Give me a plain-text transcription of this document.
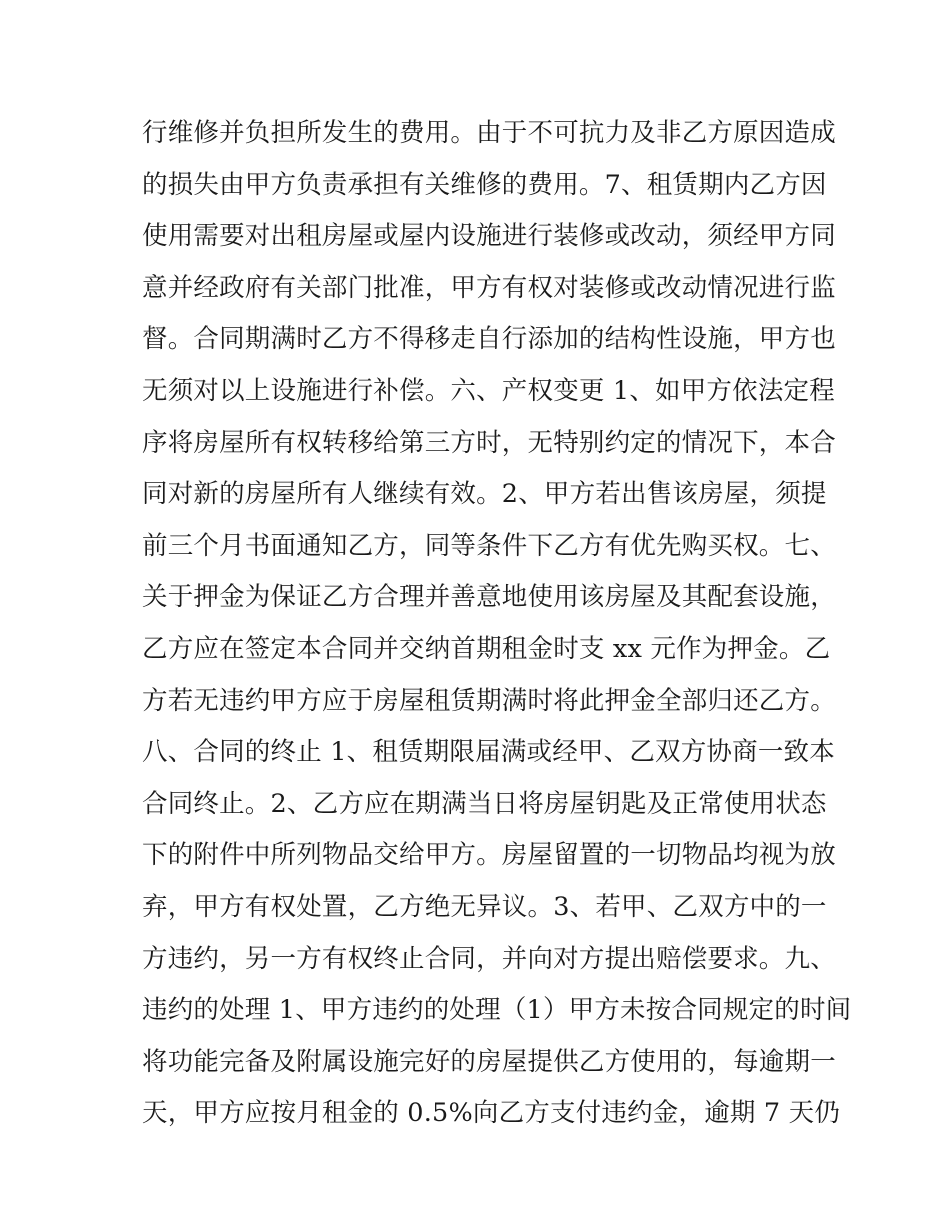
行维修并负担所发生的费用。由于不可抗力及非乙方原因造成
的损失由甲方负责承担有关维修的费用。7、租赁期内乙方因
使用需要对出租房屋或屋内设施进行装修或改动，须经甲方同
意并经政府有关部门批准，甲方有权对装修或改动情况进行监
督。合同期满时乙方不得移走自行添加的结构性设施，甲方也
无须对以上设施进行补偿。六、产权变更 1、如甲方依法定程
序将房屋所有权转移给第三方时，无特别约定的情况下，本合
同对新的房屋所有人继续有效。2、甲方若出售该房屋，须提
前三个月书面通知乙方，同等条件下乙方有优先购买权。七、
关于押金为保证乙方合理并善意地使用该房屋及其配套设施，
乙方应在签定本合同并交纳首期租金时支 xx 元作为押金。乙
方若无违约甲方应于房屋租赁期满时将此押金全部归还乙方。
八、合同的终止 1、租赁期限届满或经甲、乙双方协商一致本
合同终止。2、乙方应在期满当日将房屋钥匙及正常使用状态
下的附件中所列物品交给甲方。房屋留置的一切物品均视为放
弃，甲方有权处置，乙方绝无异议。3、若甲、乙双方中的一
方违约，另一方有权终止合同，并向对方提出赔偿要求。九、
违约的处理 1、甲方违约的处理（1）甲方未按合同规定的时间
将功能完备及附属设施完好的房屋提供乙方使用的，每逾期一
天，甲方应按月租金的 0.5%向乙方支付违约金，逾期 7 天仍
